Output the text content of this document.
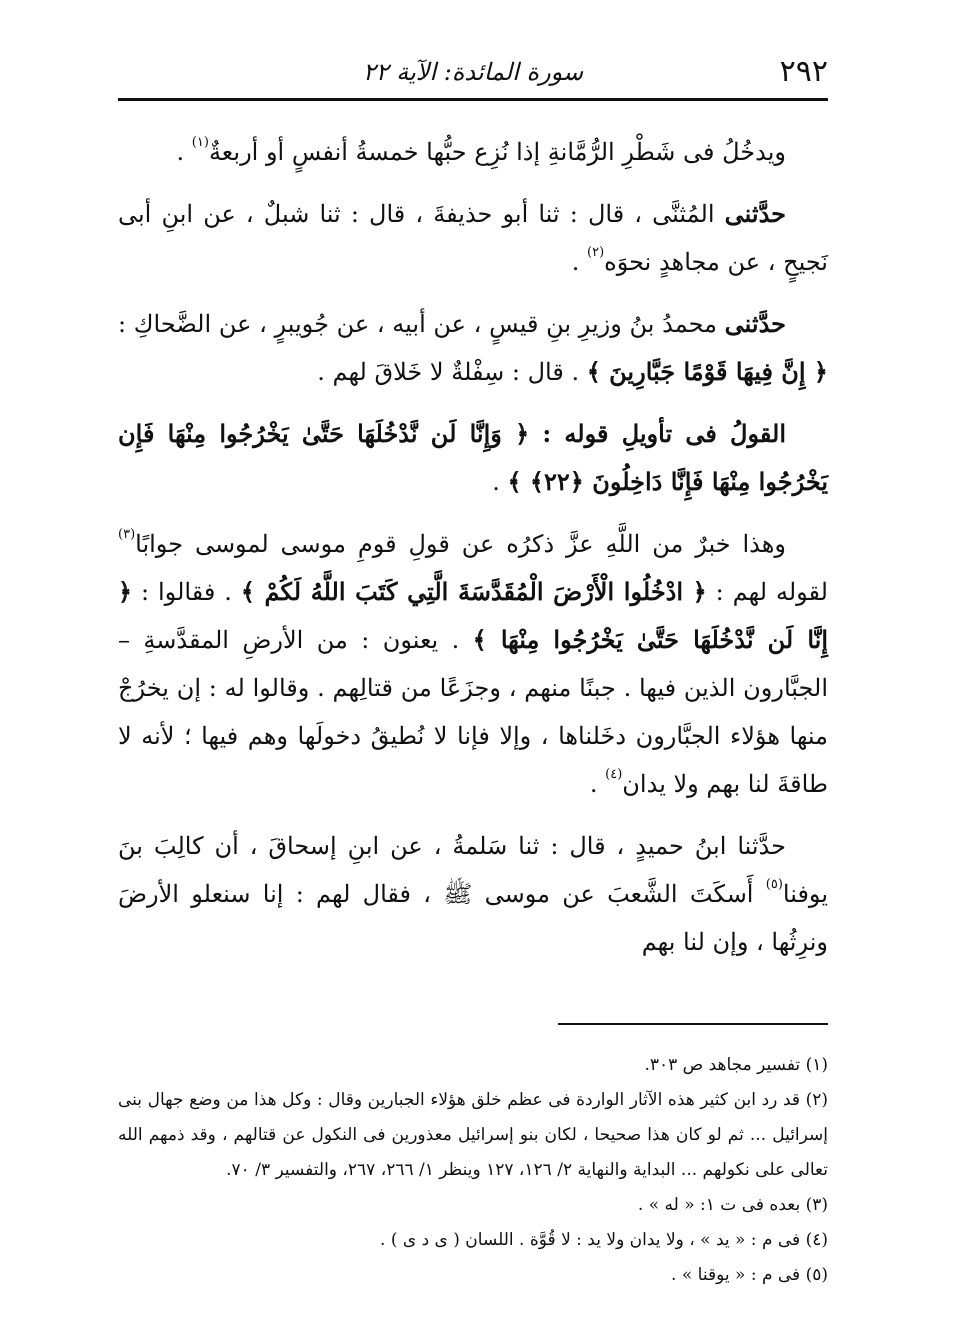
٢٩٢
سورة المائدة: الآية ٢٢

ويدخُلُ فى شَطْرِ الرُّمَّانةِ إذا نُزِع حبُّها خمسةُ أنفسٍ أو أربعةٌ$^{(١)}$ .

حدَّثنى المُثنَّى ، قال : ثنا أبو حذيفةَ ، قال : ثنا شبلٌ ، عن ابنِ أبى نَجيحٍ ، عن مجاهدٍ نحوَه$^{(٢)}$ .

حدَّثنى محمدُ بنُ وزيرِ بنِ قيسٍ ، عن أبيه ، عن جُويبرٍ ، عن الضَّحاكِ : ﴿ إِنَّ فِيهَا قَوْمًا جَبَّارِينَ ﴾ . قال : سِفْلةٌ لا خَلاقَ لهم .

القولُ فى تأويلِ قوله : ﴿ وَإِنَّا لَن نَّدْخُلَهَا حَتَّىٰ يَخْرُجُوا مِنْهَا فَإِن يَخْرُجُوا مِنْهَا فَإِنَّا دَاخِلُونَ ﴿٢٢﴾ ﴾ .

وهذا خبرٌ من اللَّهِ عزَّ ذكرُه عن قولِ قومِ موسى لموسى جوابًا$^{(٣)}$ لقوله لهم : ﴿ ادْخُلُوا الْأَرْضَ الْمُقَدَّسَةَ الَّتِي كَتَبَ اللَّهُ لَكُمْ ﴾ . فقالوا : ﴿ إِنَّا لَن نَّدْخُلَهَا حَتَّىٰ يَخْرُجُوا مِنْهَا ﴾ . يعنون : من الأرضِ المقدَّسةِ – الجبَّارون الذين فيها . جبنًا منهم ، وجزَعًا من قتالِهم . وقالوا له : إن يخرُجْ منها هؤلاء الجبَّارون دخَلناها ، وإلا فإنا لا نُطيقُ دخولَها وهم فيها ؛ لأنه لا طاقةَ لنا بهم ولا يدان$^{(٤)}$ .

حدَّثنا ابنُ حميدٍ ، قال : ثنا سَلمةُ ، عن ابنِ إسحاقَ ، أن كالِبَ بنَ يوفنا$^{(٥)}$ أَسكَتَ الشَّعبَ عن موسى ﷺ ، فقال لهم : إنا سنعلو الأرضَ ونرِثُها ، وإن لنا بهم

(١) تفسير مجاهد ص ٣٠٣.

(٢) قد رد ابن كثير هذه الآثار الواردة فى عظم خلق هؤلاء الجبارين وقال : وكل هذا من وضع جهال بنى إسرائيل ... ثم لو كان هذا صحيحا ، لكان بنو إسرائيل معذورين فى النكول عن قتالهم ، وقد ذمهم الله تعالى على نكولهم ... البداية والنهاية ٢/ ١٢٦، ١٢٧ وينظر ١/ ٢٦٦، ٢٦٧، والتفسير ٣/ ٧٠.

(٣) بعده فى ت ١: « له » .

(٤) فى م : « يد » ، ولا يدان ولا يد : لا قُوَّة . اللسان ( ى د ى ) .

(٥) فى م : « يوقنا » .
